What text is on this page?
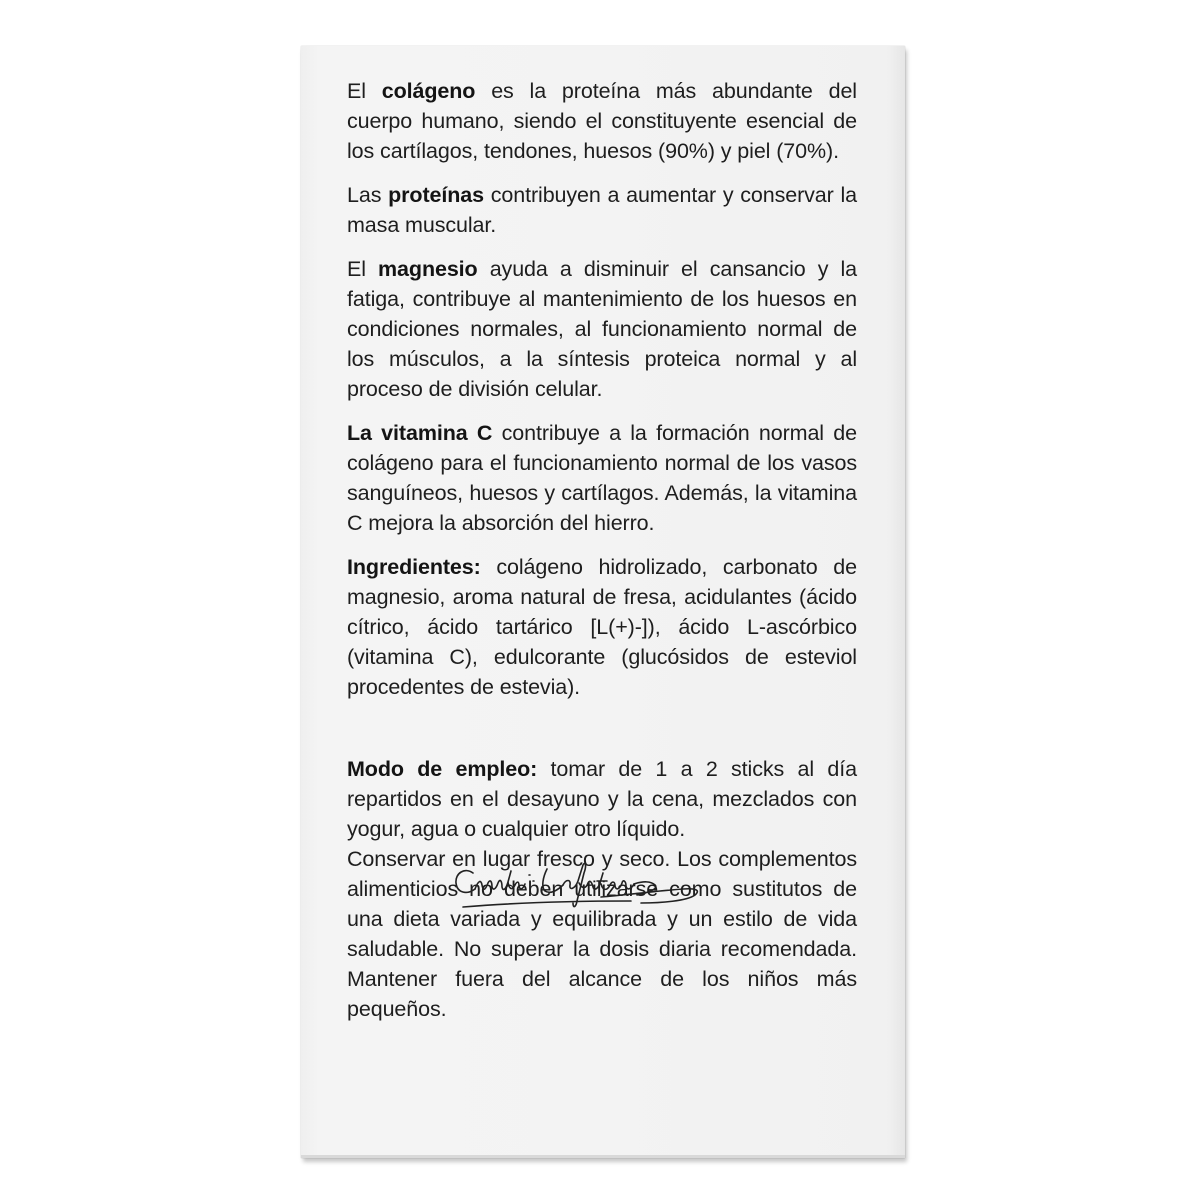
El colágeno es la proteína más abundante del cuerpo humano, siendo el constituyente esencial de los cartílagos, tendones, huesos (90%) y piel (70%).

Las proteínas contribuyen a aumentar y conservar la masa muscular.

El magnesio ayuda a disminuir el cansancio y la fatiga, contribuye al mantenimiento de los huesos en condiciones normales, al funcionamiento normal de los músculos, a la síntesis proteica normal y al proceso de división celular.

La vitamina C contribuye a la formación normal de colágeno para el funcionamiento normal de los vasos sanguíneos, huesos y cartílagos. Además, la vitamina C mejora la absorción del hierro.

Ingredientes: colágeno hidrolizado, carbonato de magnesio, aroma natural de fresa, acidulantes (ácido cítrico, ácido tartárico [L(+)-]), ácido L-ascórbico (vitamina C), edulcorante (glucósidos de esteviol procedentes de estevia).

Modo de empleo: tomar de 1 a 2 sticks al día repartidos en el desayuno y la cena, mezclados con yogur, agua o cualquier otro líquido.

Conservar en lugar fresco y seco. Los complementos alimenticios no deben utilizarse como sustitutos de una dieta variada y equilibrada y un estilo de vida saludable. No superar la dosis diaria recomendada. Mantener fuera del alcance de los niños más pequeños.
